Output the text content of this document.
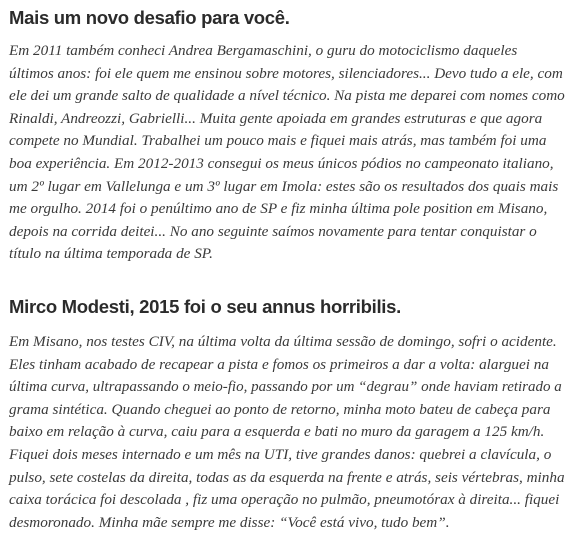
Mais um novo desafio para você.

Em 2011 também conheci Andrea Bergamaschini, o guru do motociclismo daqueles
últimos anos: foi ele quem me ensinou sobre motores, silenciadores... Devo tudo a ele, com
ele dei um grande salto de qualidade a nível técnico. Na pista me deparei com nomes como
Rinaldi, Andreozzi, Gabrielli... Muita gente apoiada em grandes estruturas e que agora
compete no Mundial. Trabalhei um pouco mais e fiquei mais atrás, mas também foi uma
boa experiência. Em 2012-2013 consegui os meus únicos pódios no campeonato italiano,
um 2º lugar em Vallelunga e um 3º lugar em Imola: estes são os resultados dos quais mais
me orgulho. 2014 foi o penúltimo ano de SP e fiz minha última pole position em Misano,
depois na corrida deitei... No ano seguinte saímos novamente para tentar conquistar o
título na última temporada de SP.

Mirco Modesti, 2015 foi o seu annus horribilis.

Em Misano, nos testes CIV, na última volta da última sessão de domingo, sofri o acidente.
Eles tinham acabado de recapear a pista e fomos os primeiros a dar a volta: alarguei na
última curva, ultrapassando o meio-fio, passando por um “degrau” onde haviam retirado a
grama sintética. Quando cheguei ao ponto de retorno, minha moto bateu de cabeça para
baixo em relação à curva, caiu para a esquerda e bati no muro da garagem a 125 km/h.
Fiquei dois meses internado e um mês na UTI, tive grandes danos: quebrei a clavícula, o
pulso, sete costelas da direita, todas as da esquerda na frente e atrás, seis vértebras, minha
caixa torácica foi descolada , fiz uma operação no pulmão, pneumotórax à direita... fiquei
desmoronado. Minha mãe sempre me disse: “Você está vivo, tudo bem”.
